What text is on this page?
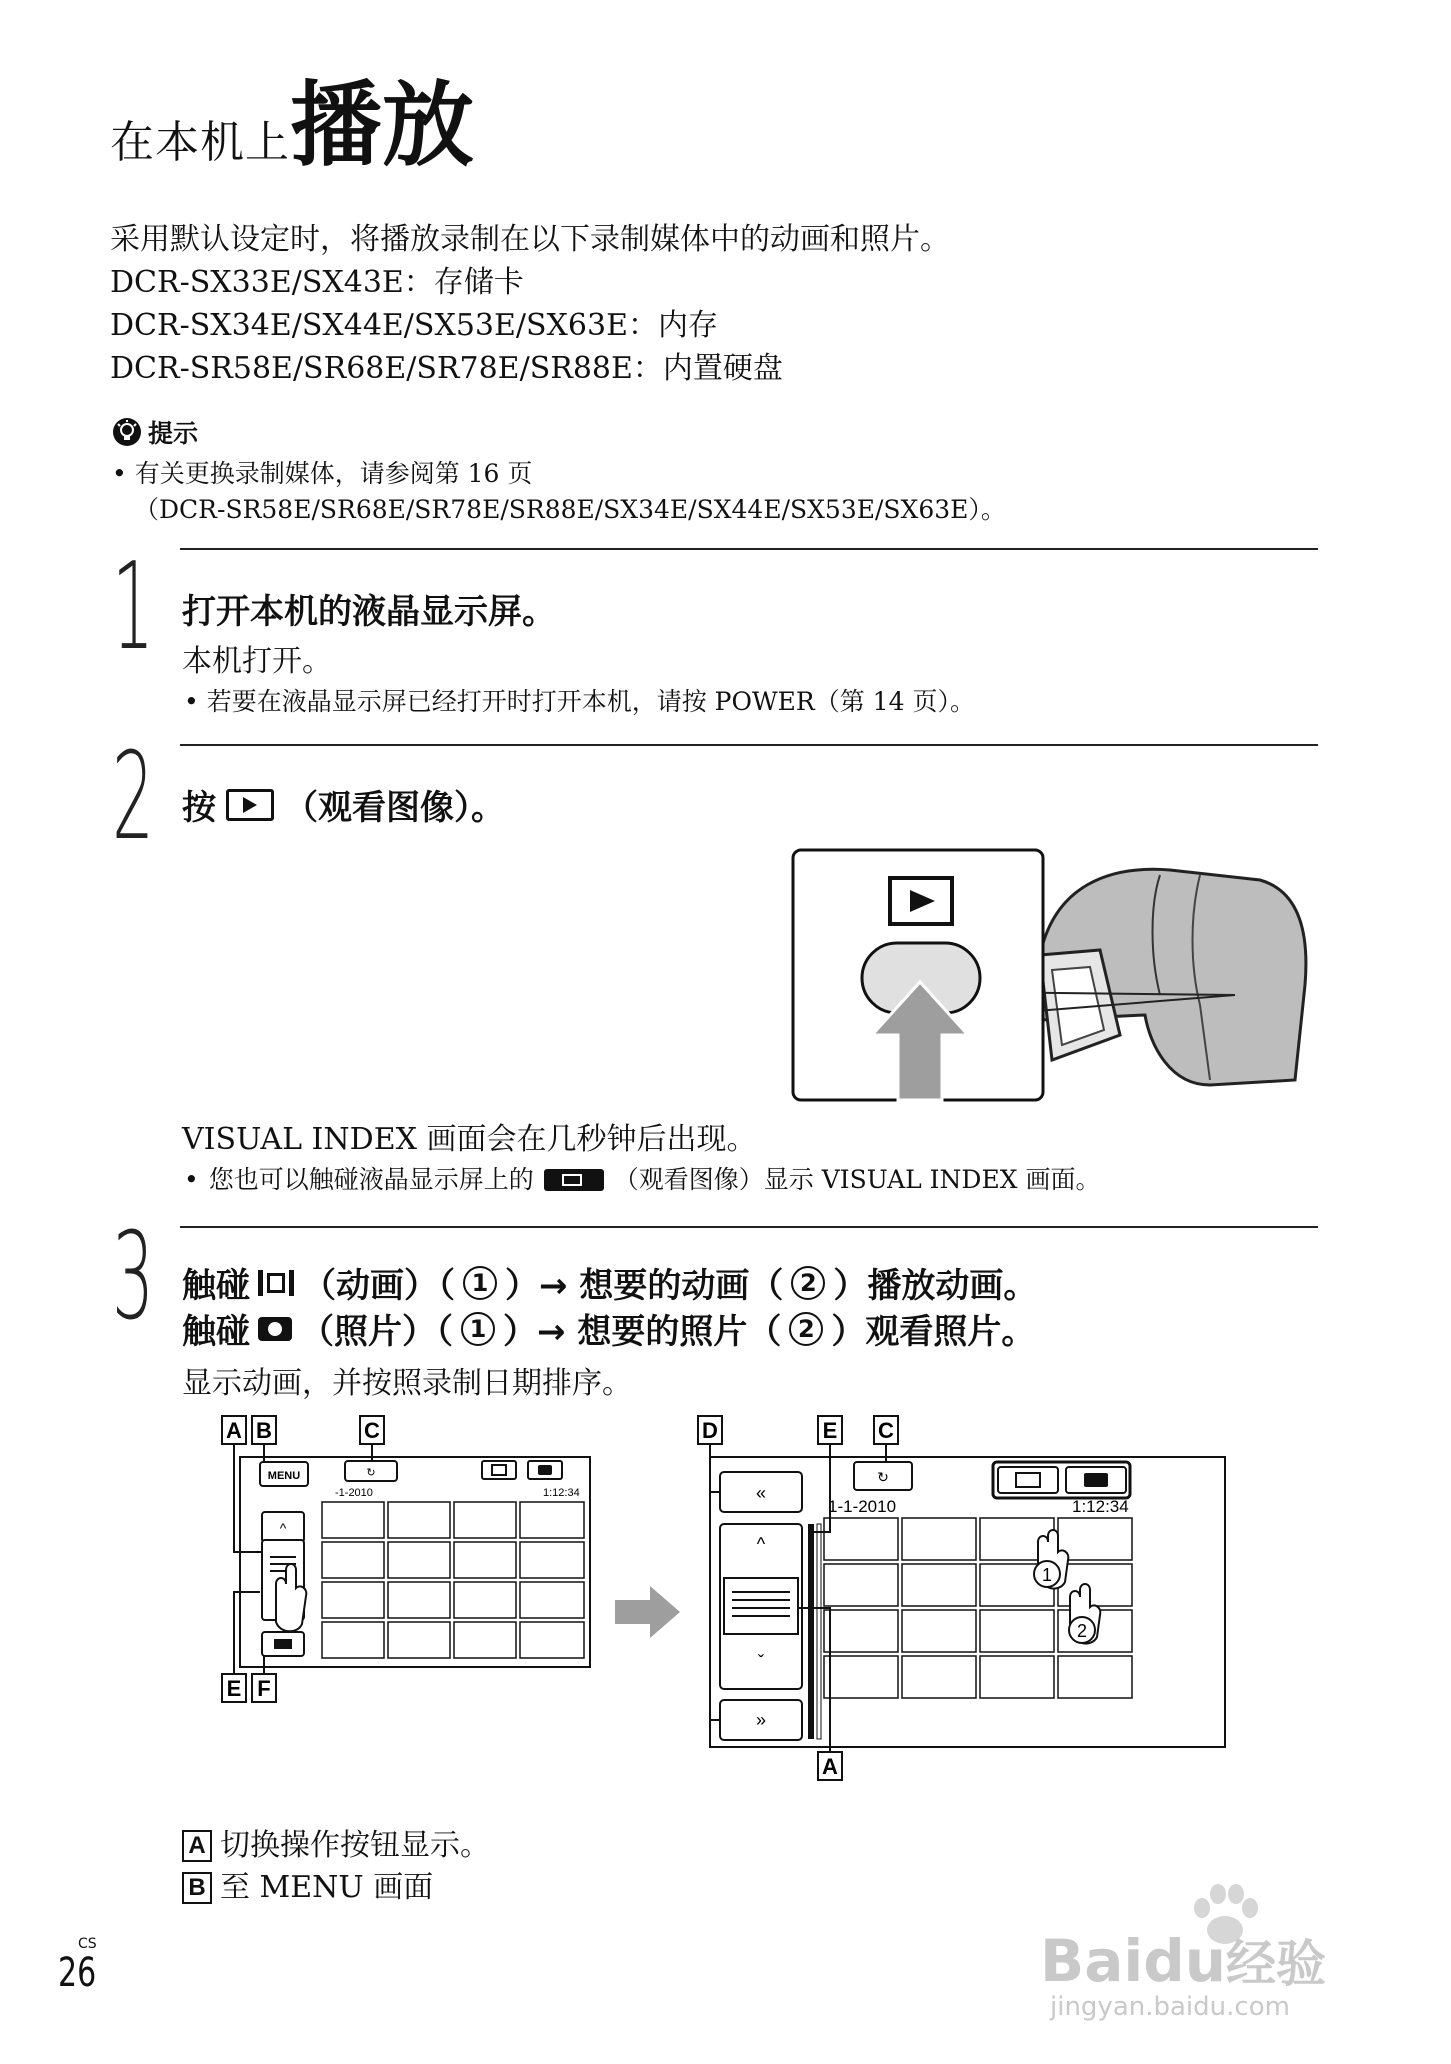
在本机上播放
采用默认设定时，将播放录制在以下录制媒体中的动画和照片。
DCR-SX33E/SX43E：存储卡
DCR-SX34E/SX44E/SX53E/SX63E：内存
DCR-SR58E/SR68E/SR78E/SR88E：内置硬盘
提示
• 有关更换录制媒体，请参阅第 16 页
（DCR-SR58E/SR68E/SR78E/SR88E/SX34E/SX44E/SX53E/SX63E）。
1 打开本机的液晶显示屏。
本机打开。
• 若要在液晶显示屏已经打开时打开本机，请按 POWER（第 14 页）。
2 按 （观看图像）。
VISUAL INDEX 画面会在几秒钟后出现。
• 您也可以触碰液晶显示屏上的	（观看图像）显示 VISUAL INDEX 画面。
3 触碰 （动画）（ 1 ）→ 想要的动画（ 2 ）播放动画。
触碰 （照片）（ 1 ）→ 想要的照片（ 2 ）观看照片。
显示动画，并按照录制日期排序。
MENU
^
↻
-1-2010	1:12:34
A B	C
E F
«
^
ˇ
»
↻
1-1-2010	1:12:34
1
2
D	E C
A
A 切换操作按钮显示。
B 至 MENU 画面
CS
26	Baidu经验
jingyan.baidu.com
